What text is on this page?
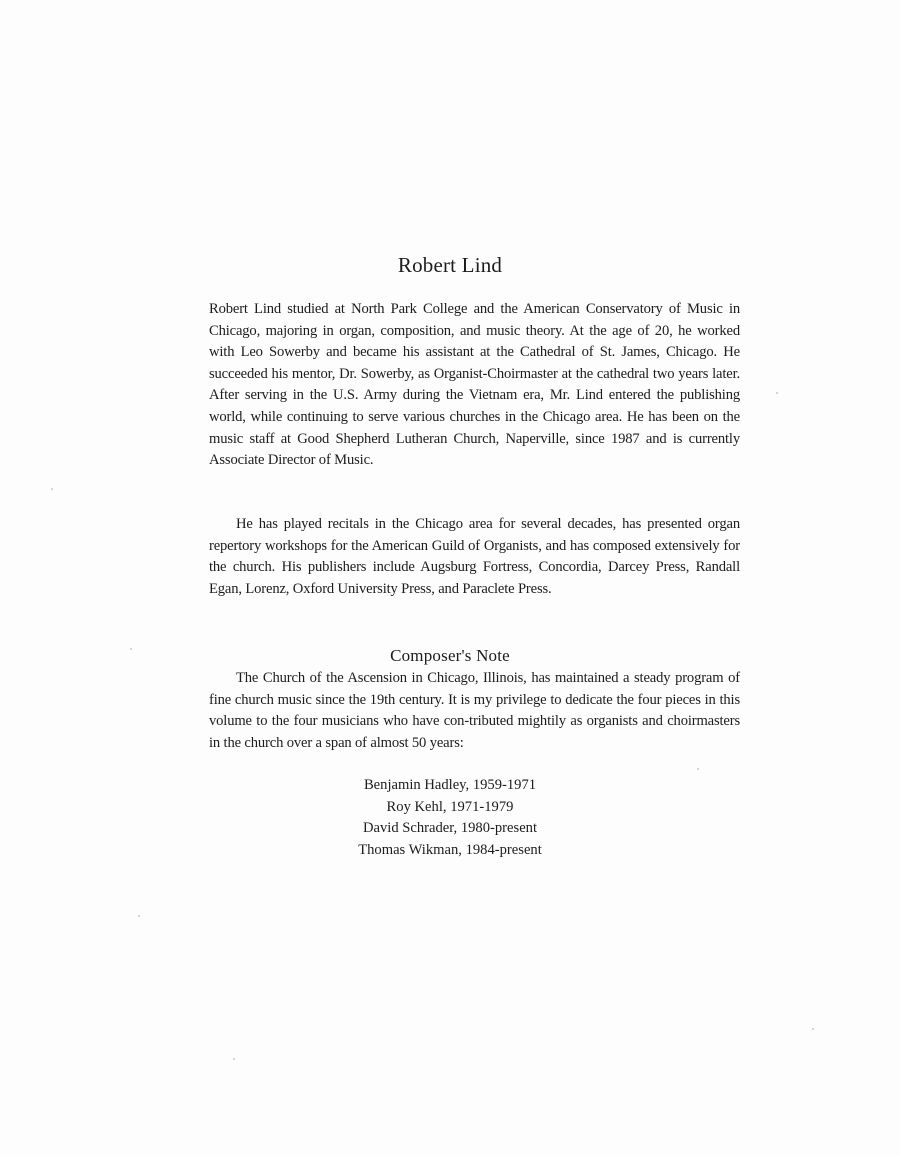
Robert Lind

Robert Lind studied at North Park College and the American Conservatory of Music in Chicago, majoring in organ, composition, and music theory. At the age of 20, he worked with Leo Sowerby and became his assistant at the Cathedral of St. James, Chicago. He succeeded his mentor, Dr. Sowerby, as Organist-Choirmaster at the cathedral two years later. After serving in the U.S. Army during the Vietnam era, Mr. Lind entered the publishing world, while continuing to serve various churches in the Chicago area. He has been on the music staff at Good Shepherd Lutheran Church, Naperville, since 1987 and is currently Associate Director of Music.

He has played recitals in the Chicago area for several decades, has presented organ repertory workshops for the American Guild of Organists, and has composed extensively for the church. His publishers include Augsburg Fortress, Concordia, Darcey Press, Randall Egan, Lorenz, Oxford University Press, and Paraclete Press.

Composer's Note

The Church of the Ascension in Chicago, Illinois, has maintained a steady program of fine church music since the 19th century. It is my privilege to dedicate the four pieces in this volume to the four musicians who have con-tributed mightily as organists and choirmasters in the church over a span of almost 50 years:

Benjamin Hadley, 1959-1971
Roy Kehl, 1971-1979
David Schrader, 1980-present
Thomas Wikman, 1984-present
